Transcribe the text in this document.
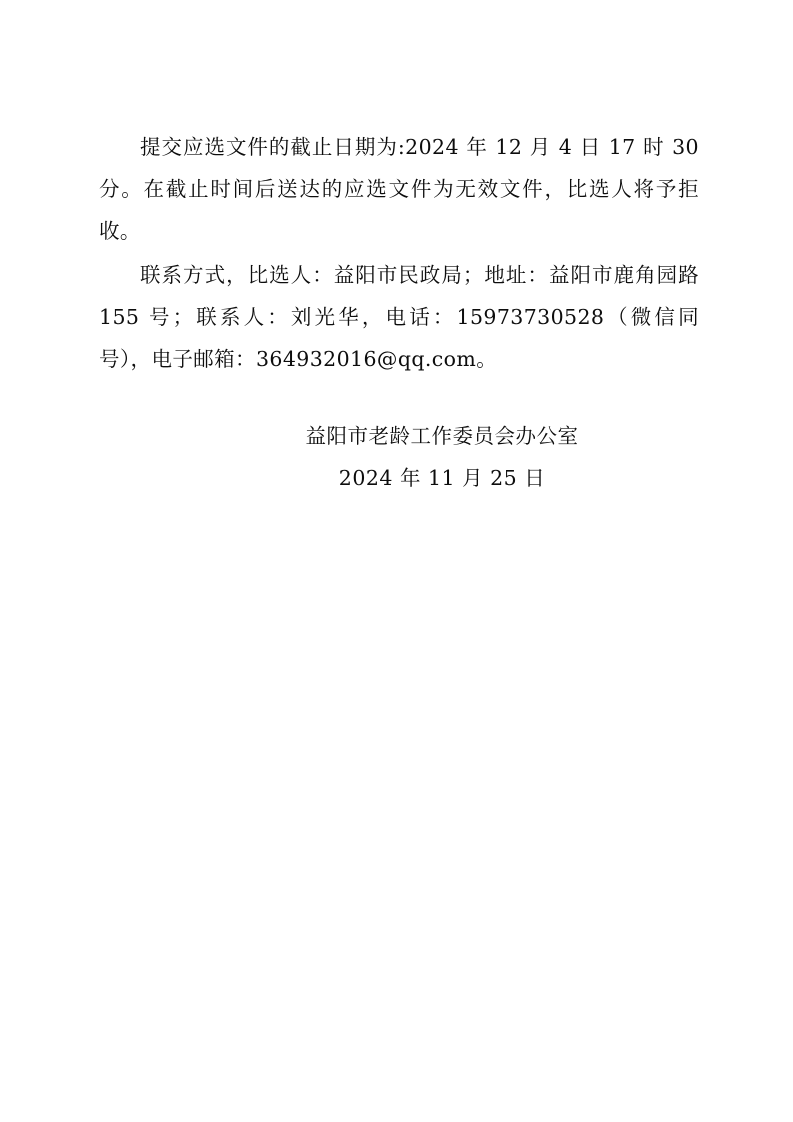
提交应选文件的截止日期为:2024 年 12 月 4 日 17 时 30 分。在截止时间后送达的应选文件为无效文件，比选人将予拒收。

联系方式，比选人：益阳市民政局；地址：益阳市鹿角园路 155 号；联系人：刘光华，电话：15973730528（微信同号），电子邮箱：364932016@qq.com。

益阳市老龄工作委员会办公室
2024 年 11 月 25 日
